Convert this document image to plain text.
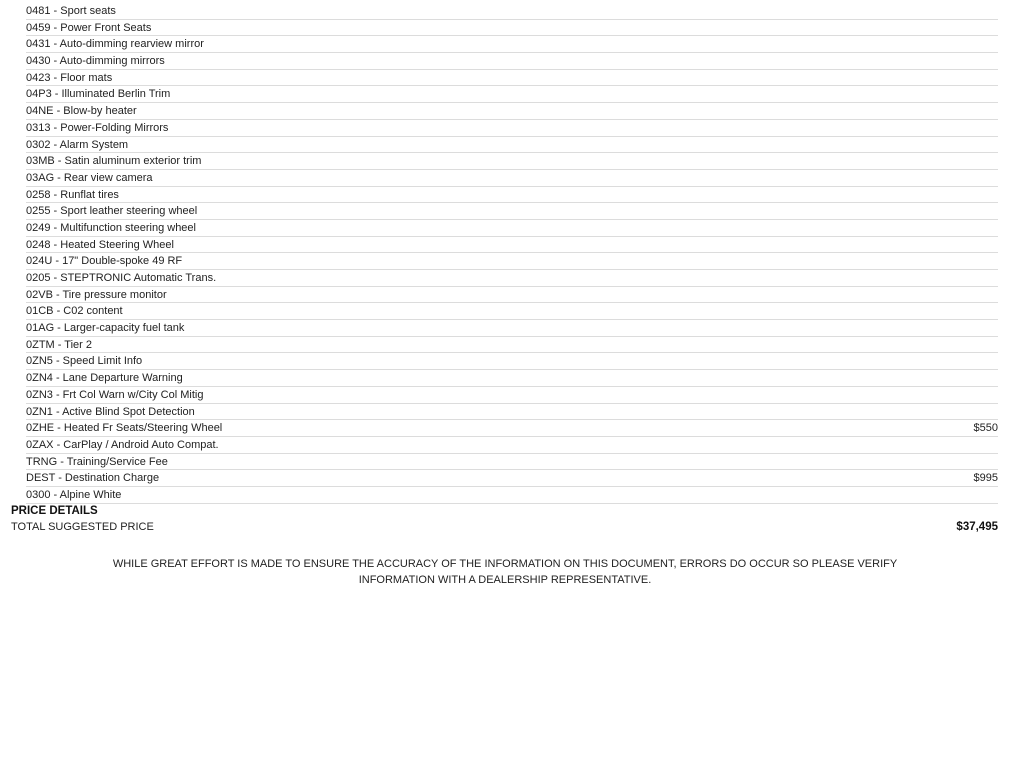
0481 - Sport seats
0459 - Power Front Seats
0431 - Auto-dimming rearview mirror
0430 - Auto-dimming mirrors
0423 - Floor mats
04P3 - Illuminated Berlin Trim
04NE - Blow-by heater
0313 - Power-Folding Mirrors
0302 - Alarm System
03MB - Satin aluminum exterior trim
03AG - Rear view camera
0258 - Runflat tires
0255 - Sport leather steering wheel
0249 - Multifunction steering wheel
0248 - Heated Steering Wheel
024U - 17" Double-spoke 49 RF
0205 - STEPTRONIC Automatic Trans.
02VB - Tire pressure monitor
01CB - C02 content
01AG - Larger-capacity fuel tank
0ZTM - Tier 2
0ZN5 - Speed Limit Info
0ZN4 - Lane Departure Warning
0ZN3 - Frt Col Warn w/City Col Mitig
0ZN1 - Active Blind Spot Detection
0ZHE - Heated Fr Seats/Steering Wheel	$550
0ZAX - CarPlay / Android Auto Compat.
TRNG - Training/Service Fee
DEST - Destination Charge	$995
0300 - Alpine White
PRICE DETAILS
TOTAL SUGGESTED PRICE	$37,495
WHILE GREAT EFFORT IS MADE TO ENSURE THE ACCURACY OF THE INFORMATION ON THIS DOCUMENT, ERRORS DO OCCUR SO PLEASE VERIFY
INFORMATION WITH A DEALERSHIP REPRESENTATIVE.
